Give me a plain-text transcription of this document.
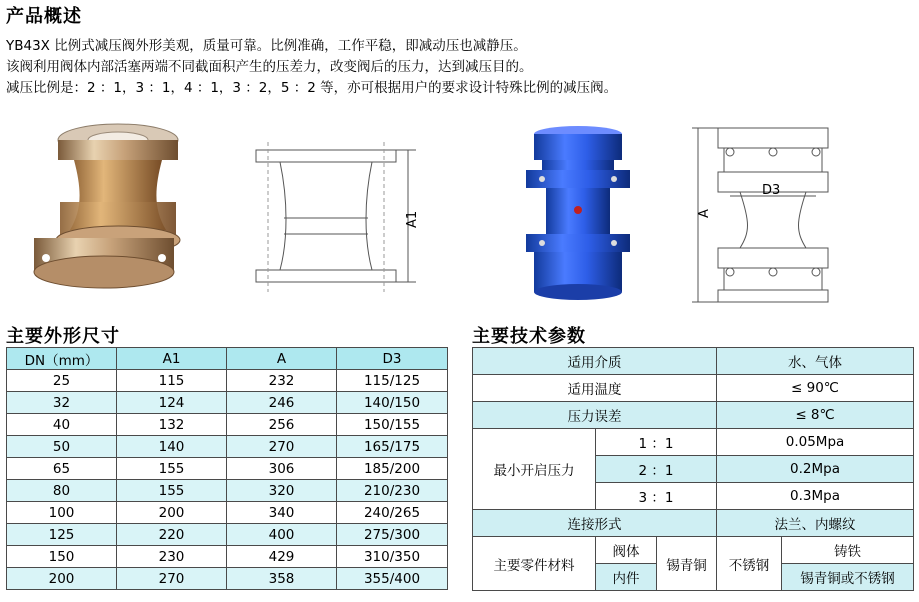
产品概述
YB43X 比例式减压阀外形美观，质量可靠。比例准确，工作平稳，即减动压也减静压。
该阀利用阀体内部活塞两端不同截面积产生的压差力，改变阀后的压力，达到减压目的。
减压比例是：2 ：1，3 ：1，4 ：1，3 ：2，5 ：2 等，亦可根据用户的要求设计特殊比例的减压阀。
A1	A
D3
主要外形尺寸
DN（mm）	A1	A	D3
25	115	232	115/125
32	124	246	140/150
40	132	256	150/155
50	140	270	165/175
65	155	306	185/200
80	155	320	210/230
100	200	340	240/265
125	220	400	275/300
150	230	429	310/350
200	270	358	355/400
主要技术参数
适用介质			水、气体	
适用温度			≤ 90℃	
压力误差			≤ 8℃	
最小开启压力	1 ：1		0.05Mpa	
	2 ：1		0.2Mpa	
	3 ：1		0.3Mpa	
连接形式			法兰、内螺纹	
主要零件材料	阀体	锡青铜	不锈钢	铸铁
	内件			锡青铜或不锈钢
